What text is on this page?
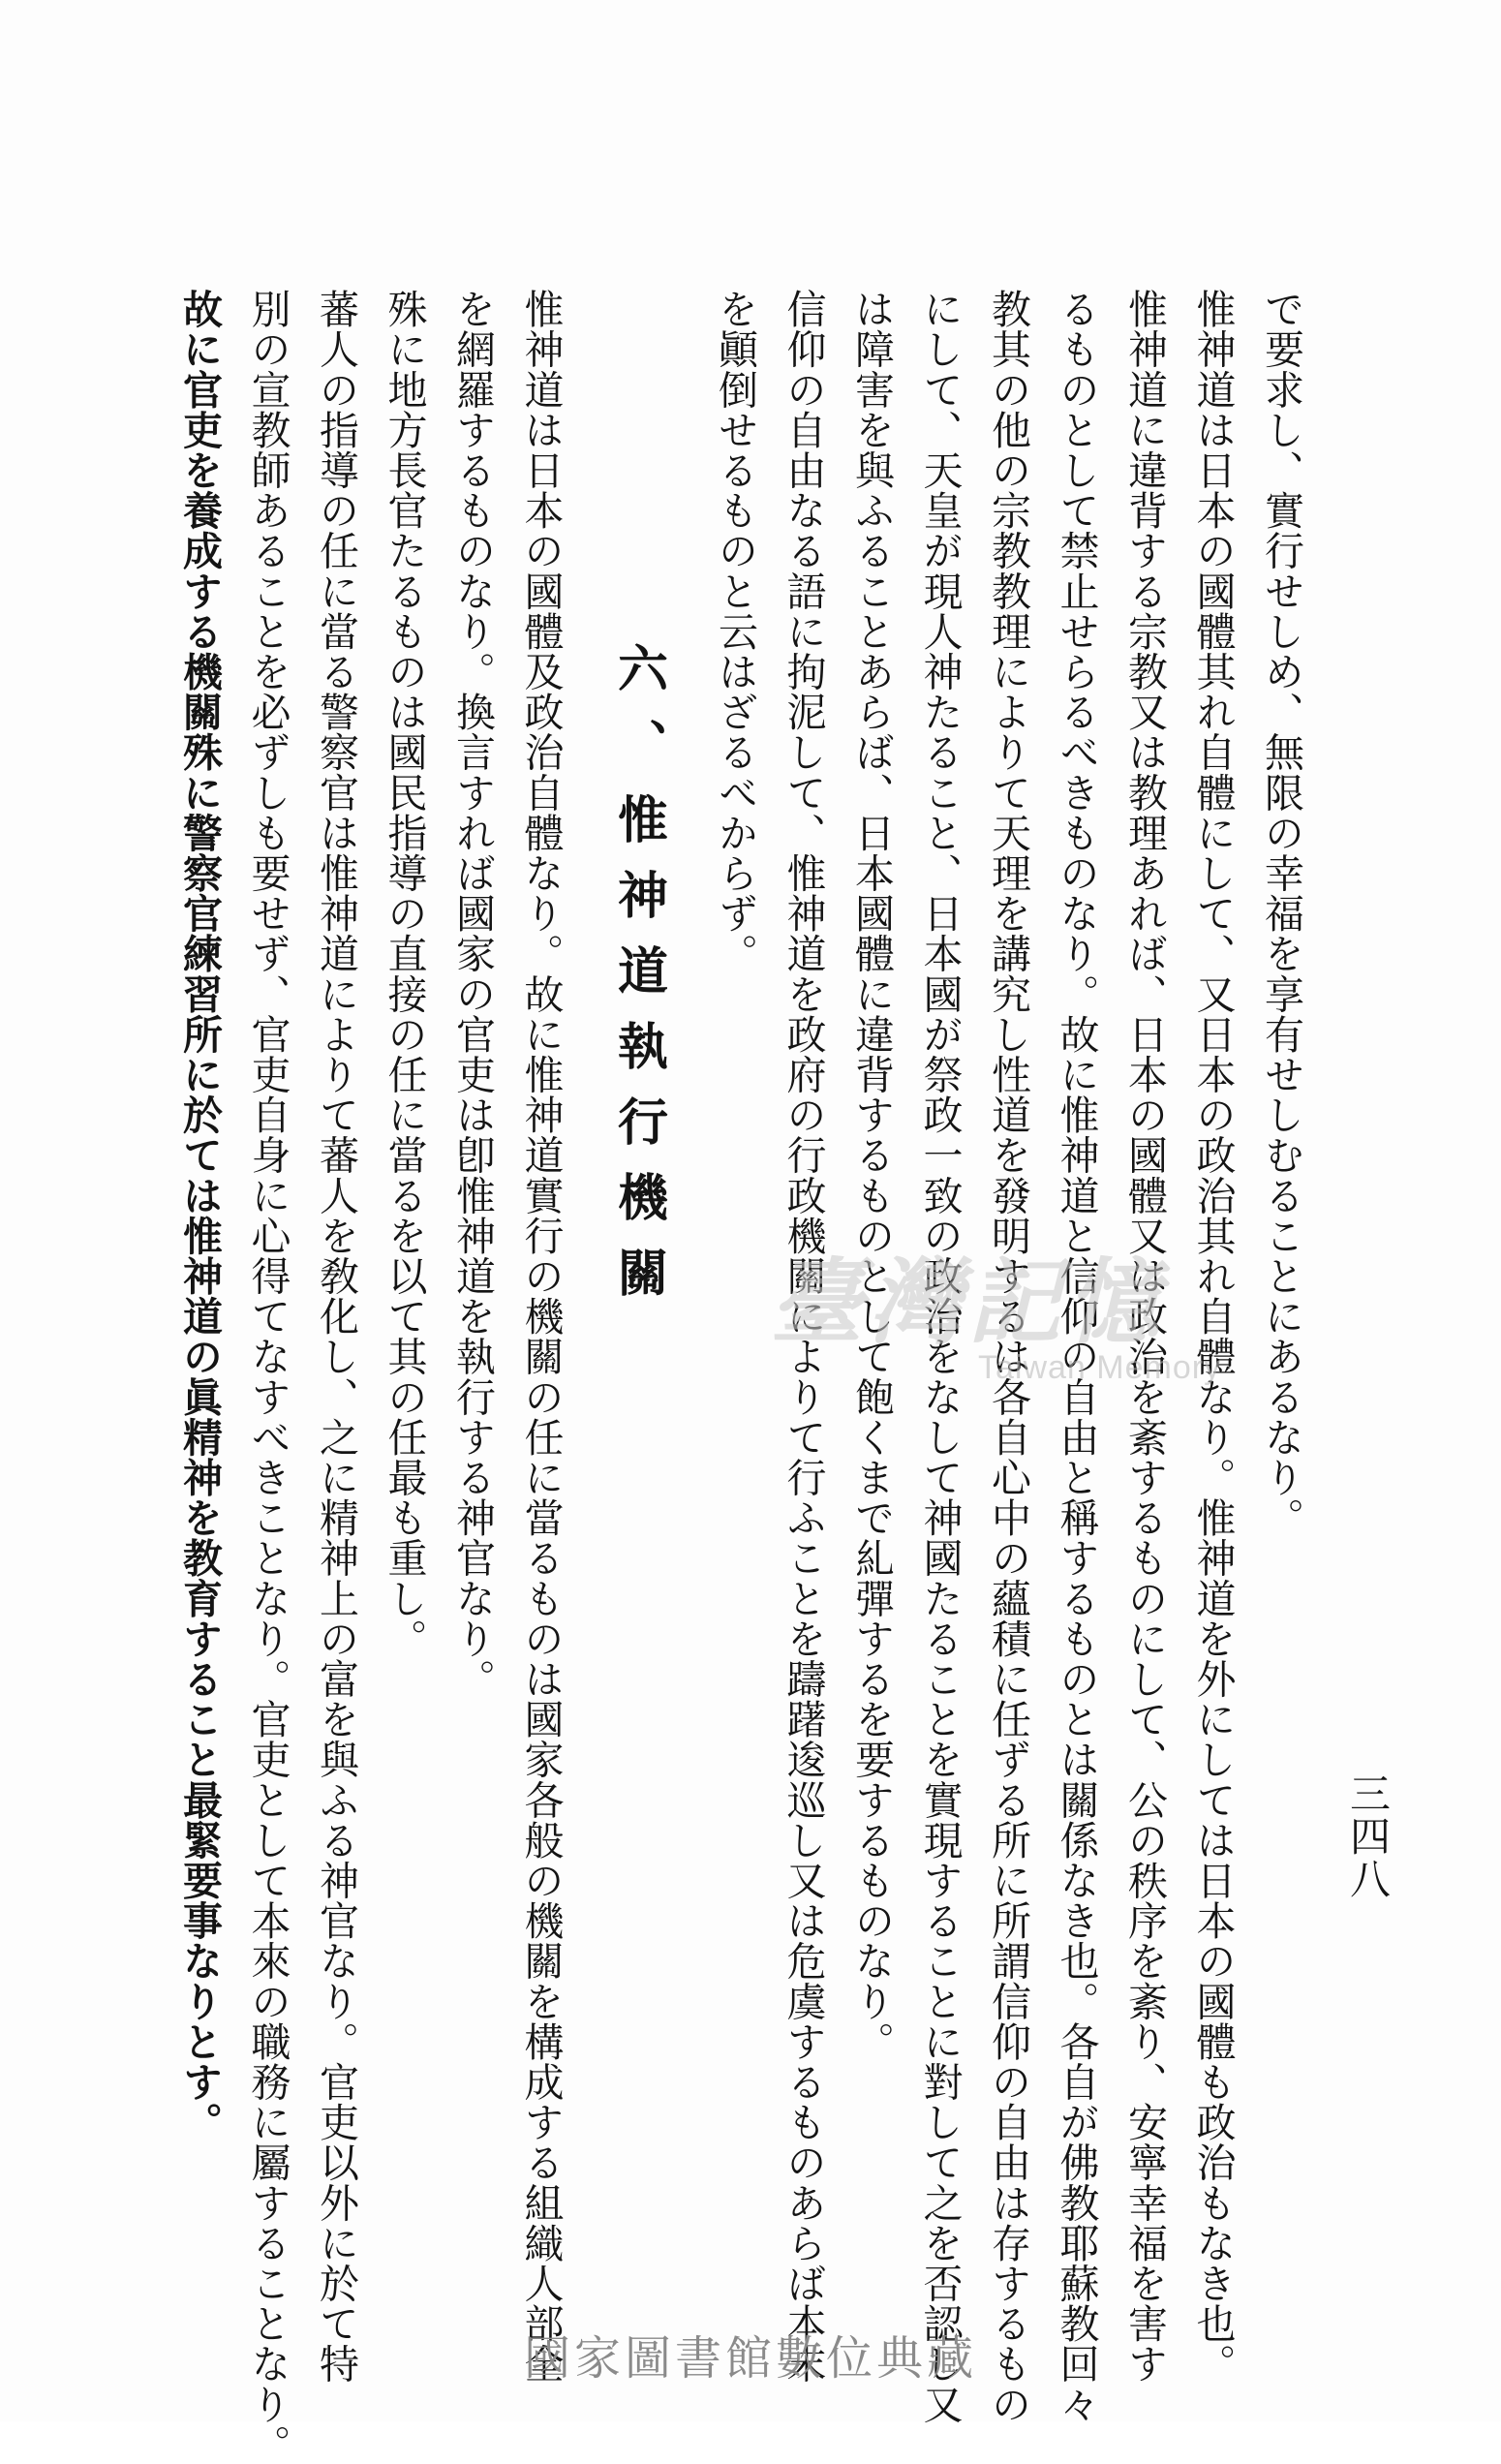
三四八

で要求し、實行せしめ、無限の幸福を享有せしむることにあるなり。

惟神道は日本の國體其れ自體にして、又日本の政治其れ自體なり。惟神道を外にしては日本の國體も政治もなき也。

惟神道に違背する宗教又は教理あれば、日本の國體又は政治を紊するものにして、公の秩序を紊り、安寧幸福を害す

るものとして禁止せらるべきものなり。故に惟神道と信仰の自由と稱するものとは關係なき也。各自が佛教耶蘇教回々

教其の他の宗教教理によりて天理を講究し性道を發明するは各自心中の蘊積に任ずる所に所謂信仰の自由は存するもの

にして、天皇が現人神たること、日本國が祭政一致の政治をなして神國たることを實現することに對して之を否認し又

は障害を與ふることあらば、日本國體に違背するものとして飽くまで糺彈するを要するものなり。

信仰の自由なる語に拘泥して、惟神道を政府の行政機關によりて行ふことを躊躇逡巡し又は危虞するものあらば本末

を顚倒せるものと云はざるべからず。

六、惟神道執行機關

惟神道は日本の國體及政治自體なり。故に惟神道實行の機關の任に當るものは國家各般の機關を構成する組織人部全

を網羅するものなり。換言すれば國家の官吏は卽惟神道を執行する神官なり。

殊に地方長官たるものは國民指導の直接の任に當るを以て其の任最も重し。

蕃人の指導の任に當る警察官は惟神道によりて蕃人を敎化し、之に精神上の富を與ふる神官なり。官吏以外に於て特

別の宣教師あることを必ずしも要せず、官吏自身に心得てなすべきことなり。官吏として本來の職務に屬することなり。

故に官吏を養成する機關殊に警察官練習所に於ては惟神道の眞精神を教育すること最緊要事なりとす。	臺灣記憶
Taiwan Memory
國家圖書館數位典藏
